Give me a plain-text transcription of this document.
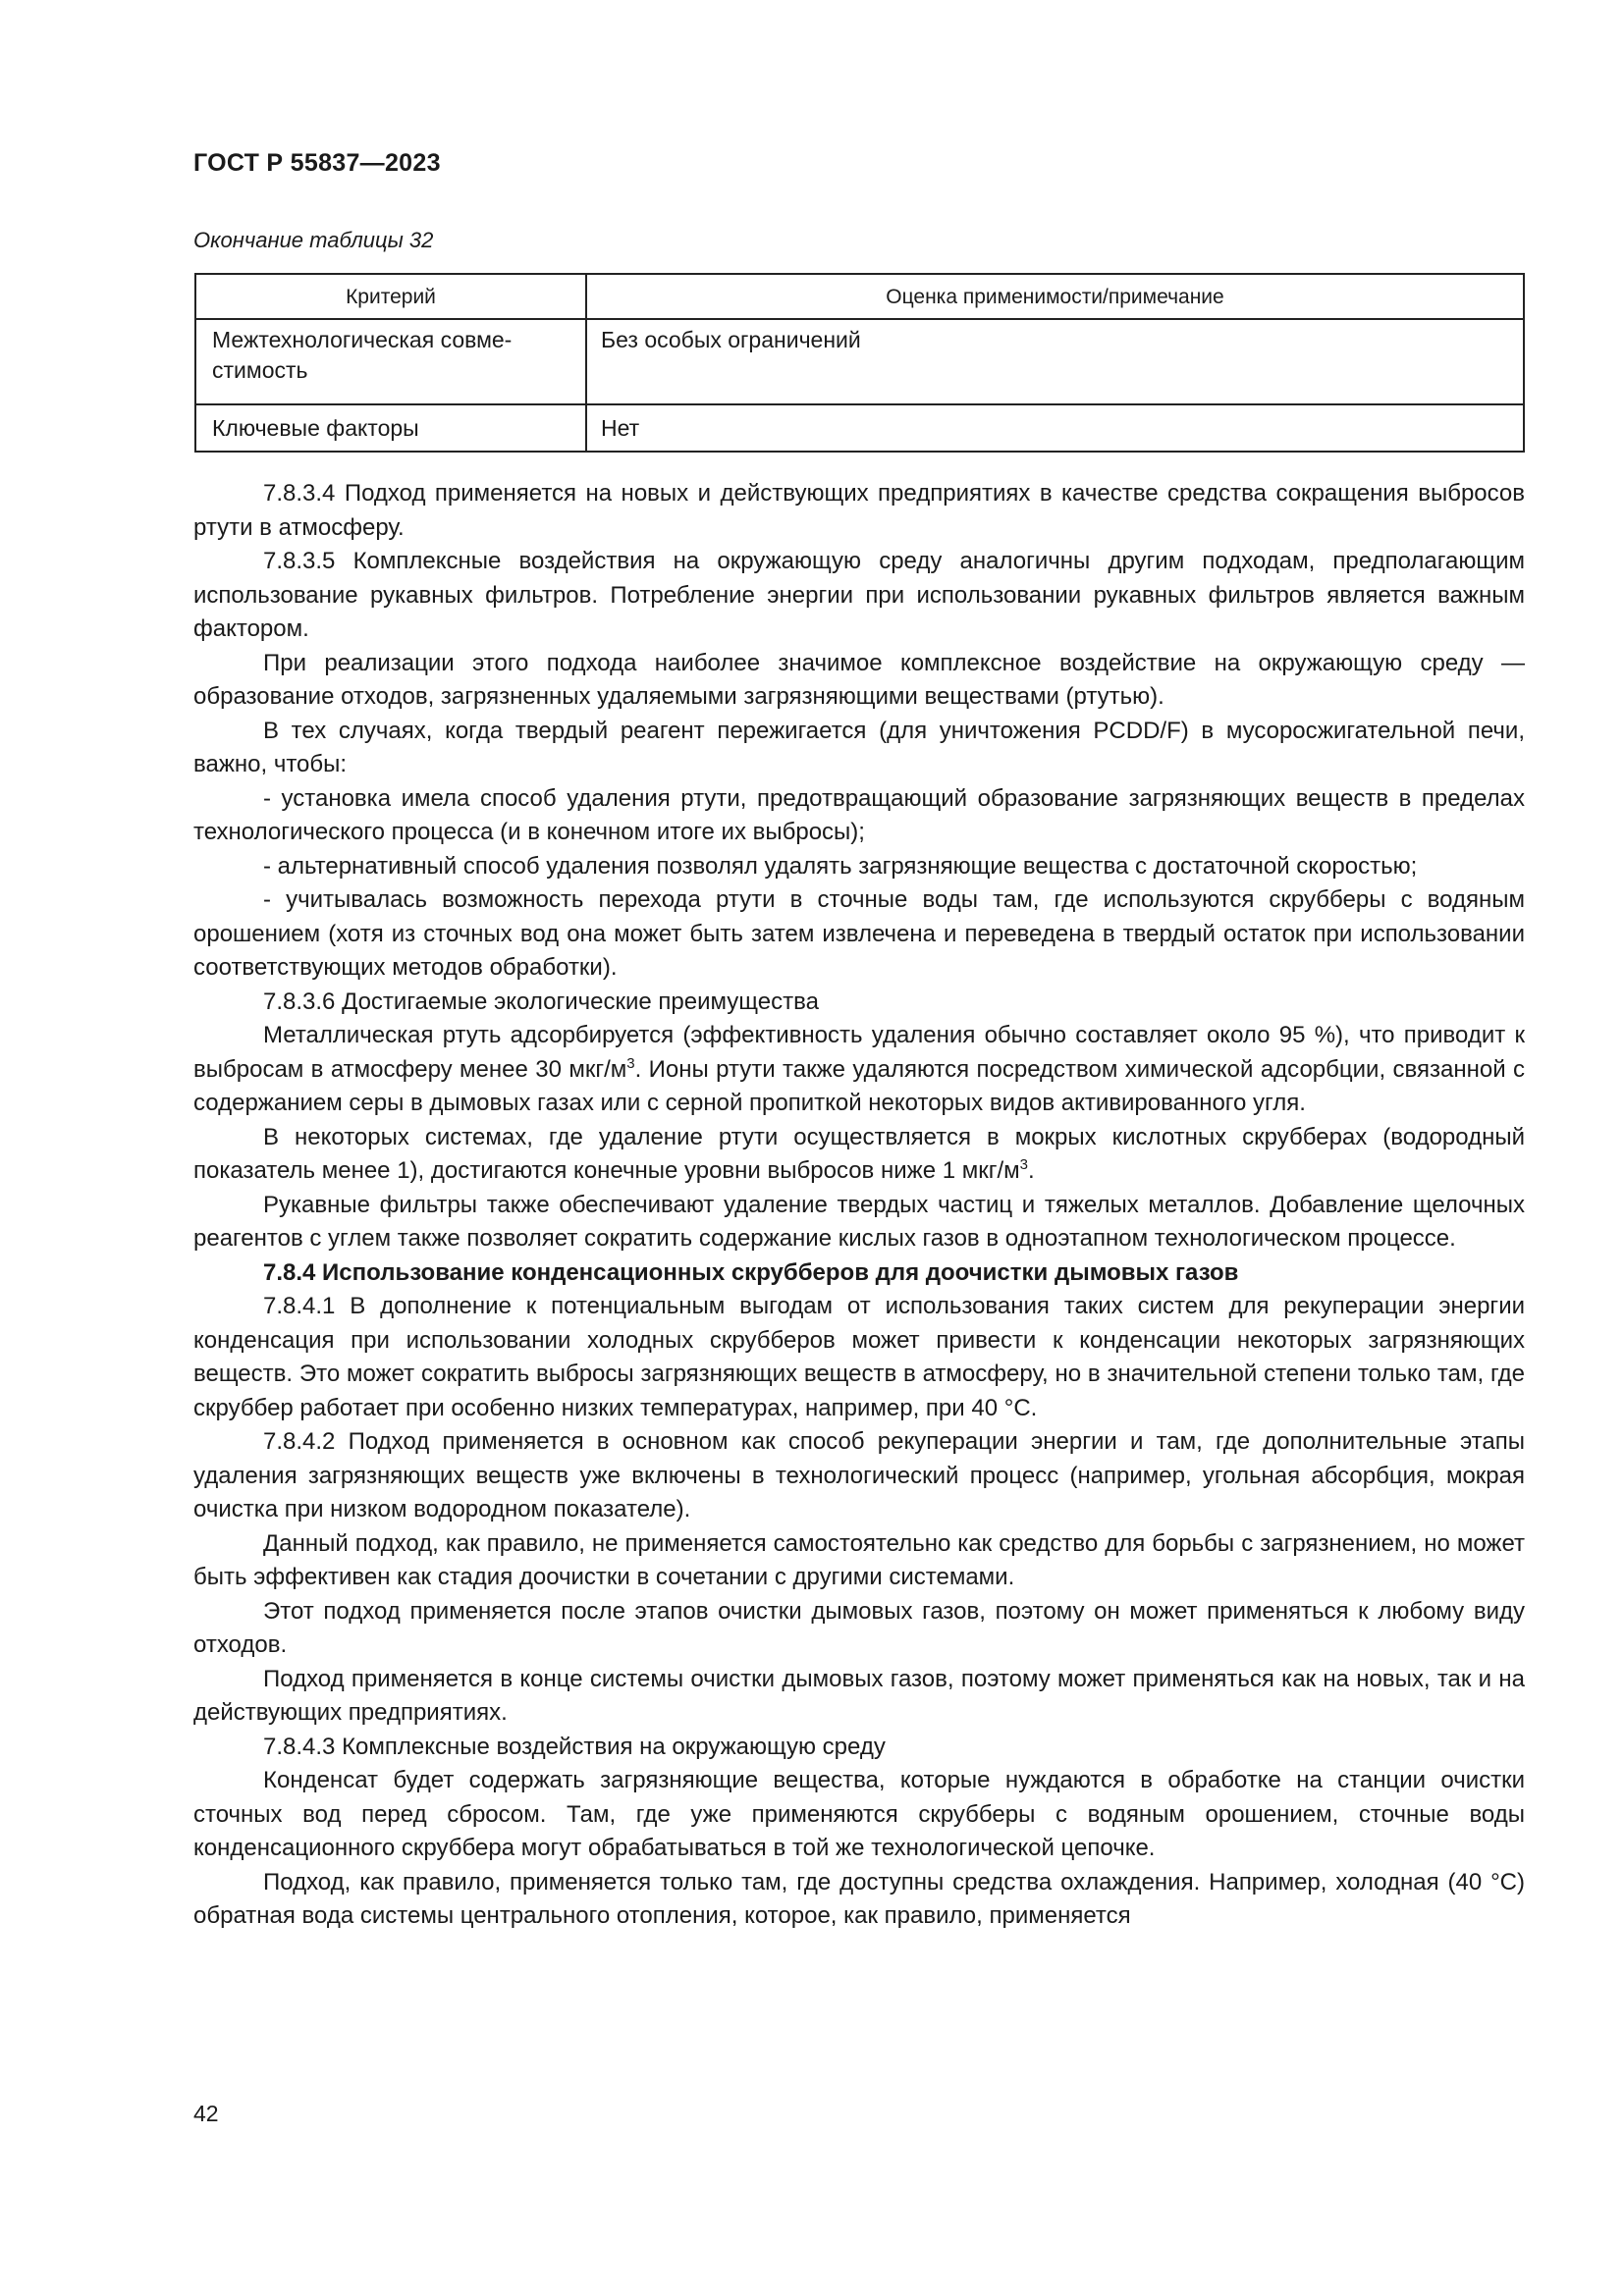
ГОСТ Р 55837—2023
Окончание таблицы 32
Критерий	Оценка применимости/примечание
Межтехнологическая совме-
стимость	Без особых ограничений
Ключевые факторы	Нет

7.8.3.4 Подход применяется на новых и действующих предприятиях в качестве средства сокращения выбросов ртути в атмосферу.

7.8.3.5 Комплексные воздействия на окружающую среду аналогичны другим подходам, предполагающим использование рукавных фильтров. Потребление энергии при использовании рукавных фильтров является важным фактором.

При реализации этого подхода наиболее значимое комплексное воздействие на окружающую среду — образование отходов, загрязненных удаляемыми загрязняющими веществами (ртутью).

В тех случаях, когда твердый реагент пережигается (для уничтожения PCDD/F) в мусоросжигательной печи, важно, чтобы:

- установка имела способ удаления ртути, предотвращающий образование загрязняющих веществ в пределах технологического процесса (и в конечном итоге их выбросы);

- альтернативный способ удаления позволял удалять загрязняющие вещества с достаточной скоростью;

- учитывалась возможность перехода ртути в сточные воды там, где используются скрубберы с водяным орошением (хотя из сточных вод она может быть затем извлечена и переведена в твердый остаток при использовании соответствующих методов обработки).

7.8.3.6 Достигаемые экологические преимущества

Металлическая ртуть адсорбируется (эффективность удаления обычно составляет около 95 %), что приводит к выбросам в атмосферу менее 30 мкг/$м^3$. Ионы ртути также удаляются посредством химической адсорбции, связанной с содержанием серы в дымовых газах или с серной пропиткой некоторых видов активированного угля.

В некоторых системах, где удаление ртути осуществляется в мокрых кислотных скрубберах (водородный показатель менее 1), достигаются конечные уровни выбросов ниже 1 мкг/$м^3$.

Рукавные фильтры также обеспечивают удаление твердых частиц и тяжелых металлов. Добавление щелочных реагентов с углем также позволяет сократить содержание кислых газов в одноэтапном технологическом процессе.

7.8.4 Использование конденсационных скрубберов для доочистки дымовых газов

7.8.4.1 В дополнение к потенциальным выгодам от использования таких систем для рекуперации энергии конденсация при использовании холодных скрубберов может привести к конденсации некоторых загрязняющих веществ. Это может сократить выбросы загрязняющих веществ в атмосферу, но в значительной степени только там, где скруббер работает при особенно низких температурах, например, при 40 °С.

7.8.4.2 Подход применяется в основном как способ рекуперации энергии и там, где дополнительные этапы удаления загрязняющих веществ уже включены в технологический процесс (например, угольная абсорбция, мокрая очистка при низком водородном показателе).

Данный подход, как правило, не применяется самостоятельно как средство для борьбы с загрязнением, но может быть эффективен как стадия доочистки в сочетании с другими системами.

Этот подход применяется после этапов очистки дымовых газов, поэтому он может применяться к любому виду отходов.

Подход применяется в конце системы очистки дымовых газов, поэтому может применяться как на новых, так и на действующих предприятиях.

7.8.4.3 Комплексные воздействия на окружающую среду

Конденсат будет содержать загрязняющие вещества, которые нуждаются в обработке на станции очистки сточных вод перед сбросом. Там, где уже применяются скрубберы с водяным орошением, сточные воды конденсационного скруббера могут обрабатываться в той же технологической цепочке.

Подход, как правило, применяется только там, где доступны средства охлаждения. Например, холодная (40 °С) обратная вода системы центрального отопления, которое, как правило, применяется

42
